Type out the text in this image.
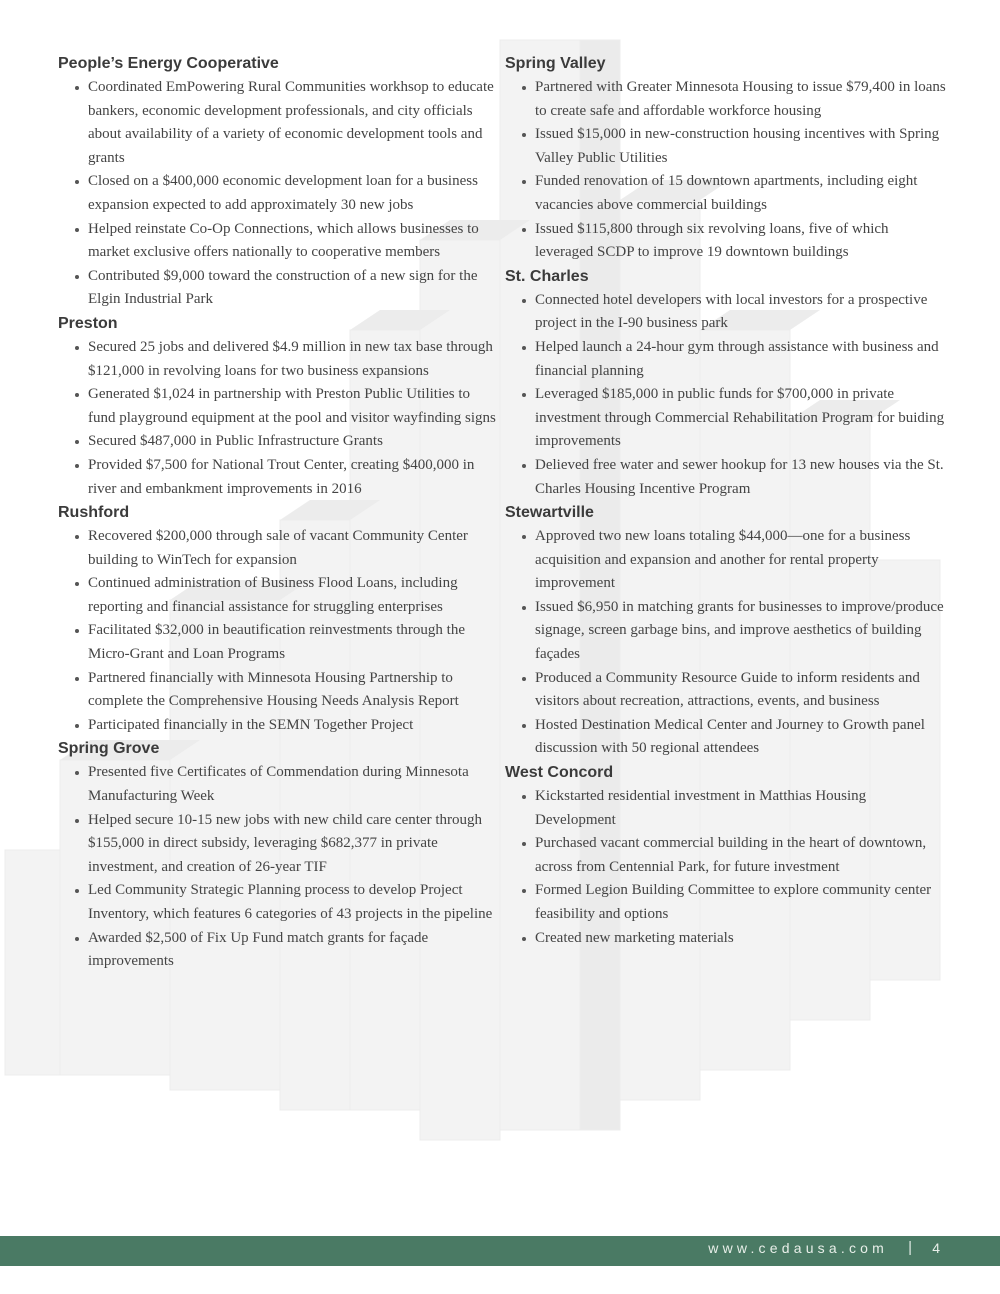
People’s Energy Cooperative
Coordinated EmPowering Rural Communities workhsop to educate bankers, economic development professionals, and city officials about availability of a variety of economic development tools and grants
Closed on a $400,000 economic development loan for a business expansion expected to add approximately 30 new jobs
Helped reinstate Co-Op Connections, which allows businesses to market exclusive offers nationally to cooperative members
Contributed $9,000 toward the construction of a new sign for the Elgin Industrial Park
Preston
Secured 25 jobs and delivered $4.9 million in new tax base through $121,000 in revolving loans for two business expansions
Generated $1,024 in partnership with Preston Public Utilities to fund playground equipment at the pool and visitor wayfinding signs
Secured $487,000 in Public Infrastructure Grants
Provided $7,500 for National Trout Center, creating $400,000 in river and embankment improvements in 2016
Rushford
Recovered $200,000 through sale of vacant Community Center building to WinTech for expansion
Continued administration of Business Flood Loans, including reporting and financial assistance for struggling enterprises
Facilitated $32,000 in beautification reinvestments through the Micro-Grant and Loan Programs
Partnered financially with Minnesota Housing Partnership to complete the Comprehensive Housing Needs Analysis Report
Participated financially in the SEMN Together Project
Spring Grove
Presented five Certificates of Commendation during Minnesota Manufacturing Week
Helped secure 10-15 new jobs with new child care center through $155,000 in direct subsidy, leveraging $682,377 in private investment, and creation of 26-year TIF
Led Community Strategic Planning process to develop Project Inventory, which features 6 categories of 43 projects in the pipeline
Awarded $2,500 of Fix Up Fund match grants for façade improvements
Spring Valley
Partnered with Greater Minnesota Housing to issue $79,400 in loans to create safe and affordable workforce housing
Issued $15,000 in new-construction housing incentives with Spring Valley Public Utilities
Funded renovation of 15 downtown apartments, including eight vacancies above commercial buildings
Issued $115,800 through six revolving loans, five of which leveraged SCDP to improve 19 downtown buildings
St. Charles
Connected hotel developers with local investors for a prospective project in the I-90 business park
Helped launch a 24-hour gym through assistance with business and financial planning
Leveraged $185,000 in public funds for $700,000 in private investment through Commercial Rehabilitation Program for buiding improvements
Delieved free water and sewer hookup for 13 new houses via the St. Charles Housing Incentive Program
Stewartville
Approved two new loans totaling $44,000—one for a business acquisition and expansion and another for rental property improvement
Issued $6,950 in matching grants for businesses to improve/produce signage, screen garbage bins, and improve aesthetics of building façades
Produced a Community Resource Guide to inform residents and visitors about recreation, attractions, events, and business
Hosted Destination Medical Center and Journey to Growth panel discussion with 50 regional attendees
West Concord
Kickstarted residential investment in Matthias Housing Development
Purchased vacant commercial building in the heart of downtown, across from Centennial Park, for future investment
Formed Legion Building Committee to explore community center feasibility and options
Created new marketing materials
www.cedausa.com | 4
